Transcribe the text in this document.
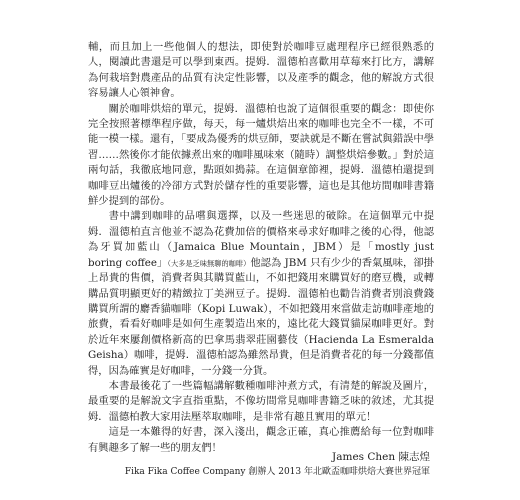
輔，而且加上一些他個人的想法，即使對於咖啡豆處理程序已經很熟悉的人，閱讀此書還是可以學到東西。提姆．溫德柏喜歡用草莓來打比方，講解為何栽培對農產品的品質有決定性影響，以及產季的觀念，他的解說方式很容易讓人心領神會。

關於咖啡烘焙的單元，提姆．溫德柏也說了這個很重要的觀念：即使你完全按照著標準程序做，每天，每一爐烘焙出來的咖啡也完全不一樣，不可能一模一樣。還有，「要成為優秀的烘豆師，要訣就是不斷在嘗試與錯誤中學習……然後你才能依據煮出來的咖啡風味來（隨時）調整烘焙參數。」對於這兩句話，我徹底地同意，點頭如搗蒜。在這個章節裡，提姆．溫德柏還提到咖啡豆出爐後的冷卻方式對於儲存性的重要影響，這也是其他坊間咖啡書籍鮮少提到的部份。

書中講到咖啡的品嚐與選擇，以及一些迷思的破除。在這個單元中提姆．溫德柏直言他並不認為花費加倍的價格來尋求好咖啡之後的心得，他認為牙買加藍山（Jamaica Blue Mountain，JBM）是「mostly just boring coffee」（大多是乏味無聊的咖啡）他認為 JBM 只有少少的香氣風味，卻掛上昂貴的售價，消費者與其購買藍山，不如把錢用來購買好的磨豆機，或轉購品質明顯更好的精緻拉丁美洲豆子。提姆．溫德柏也勸告消費者別浪費錢購買所謂的麝香貓咖啡（Kopi Luwak），不如把錢用來當做走訪咖啡產地的旅費，看看好咖啡是如何生產製造出來的，遠比花大錢買貓屎咖啡更好。對於近年來屢創價格新高的巴拿馬翡翠莊園藝伎（Hacienda La Esmeralda Geisha）咖啡，提姆．溫德柏認為雖然昂貴，但是消費者花的每一分錢都值得，因為確實是好咖啡，一分錢一分貨。

本書最後花了一些篇幅講解數種咖啡沖煮方式，有清楚的解說及圖片，最重要的是解說文字直指重點，不像坊間常見咖啡書籍乏味的敘述，尤其提姆．溫德柏教大家用法壓萃取咖啡，是非常有趣且實用的單元！

這是一本難得的好書，深入淺出，觀念正確，真心推薦給每一位對咖啡有興趣多了解一些的朋友們！

James Chen 陳志煌
Fika Fika Coffee Company 創辦人 2013 年北歐盃咖啡烘焙大賽世界冠軍
